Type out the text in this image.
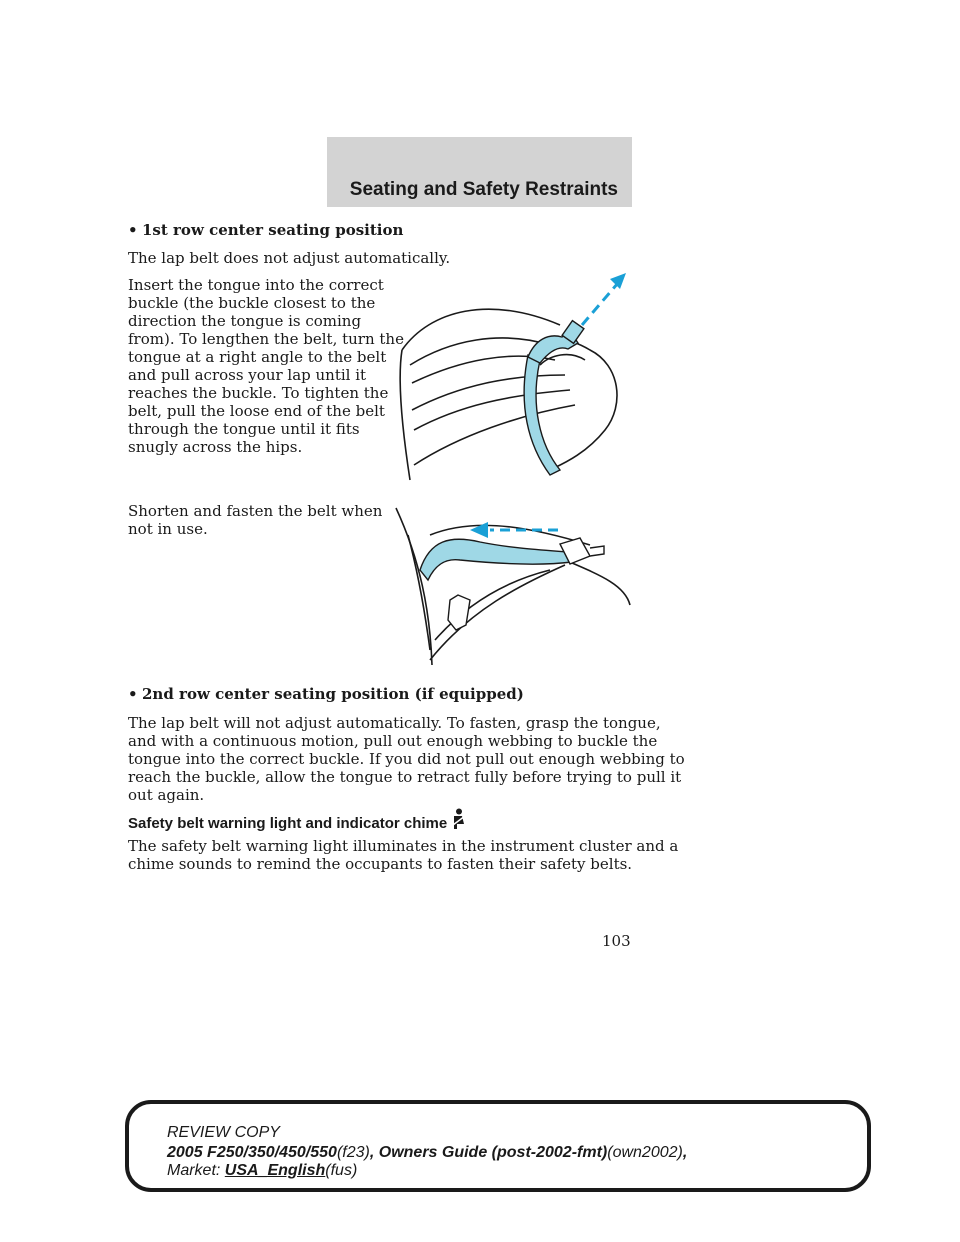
Seating and Safety Restraints
• 1st row center seating position

The lap belt does not adjust automatically.

Insert the tongue into the correct
buckle (the buckle closest to the
direction the tongue is coming
from). To lengthen the belt, turn the
tongue at a right angle to the belt
and pull across your lap until it
reaches the buckle. To tighten the
belt, pull the loose end of the belt
through the tongue until it fits
snugly across the hips.
Shorten and fasten the belt when
not in use.
• 2nd row center seating position (if equipped)
The lap belt will not adjust automatically. To fasten, grasp the tongue,
and with a continuous motion, pull out enough webbing to buckle the
tongue into the correct buckle. If you did not pull out enough webbing to
reach the buckle, allow the tongue to retract fully before trying to pull it
out again.
Safety belt warning light and indicator chime
The safety belt warning light illuminates in the instrument cluster and a
chime sounds to remind the occupants to fasten their safety belts.
103
REVIEW COPY
2005 F250/350/450/550(f23), Owners Guide (post-2002-fmt)(own2002),
Market: USA_English(fus)
